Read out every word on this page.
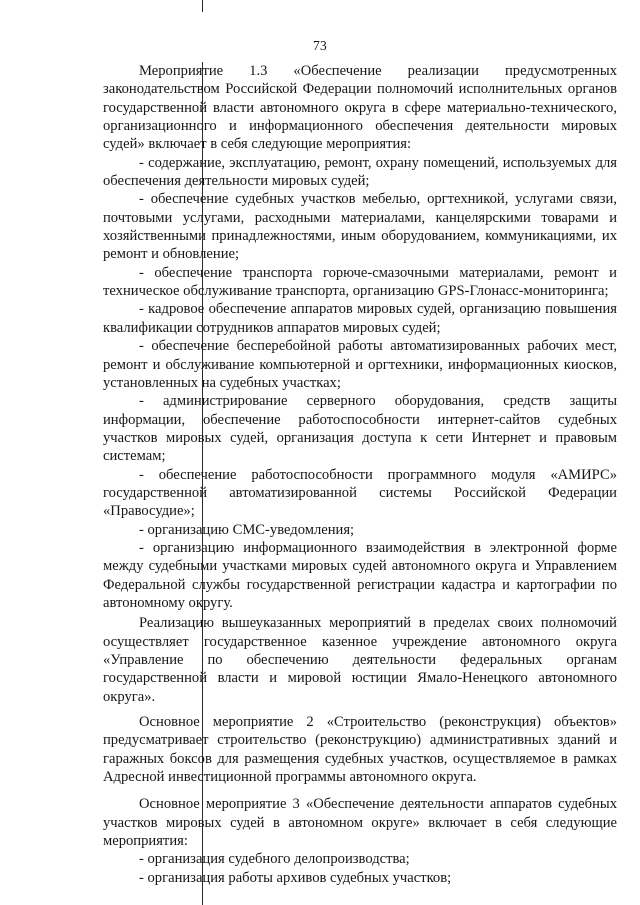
73

Мероприятие 1.3 «Обеспечение реализации предусмотренных законодательством Российской Федерации полномочий исполнительных органов государственной власти автономного округа в сфере материально-технического, организационного и информационного обеспечения деятельности мировых судей» включает в себя следующие мероприятия:

- содержание, эксплуатацию, ремонт, охрану помещений, используемых для обеспечения деятельности мировых судей;

- обеспечение судебных участков мебелью, оргтехникой, услугами связи, почтовыми услугами, расходными материалами, канцелярскими товарами и хозяйственными принадлежностями, иным оборудованием, коммуникациями, их ремонт и обновление;

- обеспечение транспорта горюче-смазочными материалами, ремонт и техническое обслуживание транспорта, организацию GPS-Глонасс-мониторинга;

- кадровое обеспечение аппаратов мировых судей, организацию повышения квалификации сотрудников аппаратов мировых судей;

- обеспечение бесперебойной работы автоматизированных рабочих мест, ремонт и обслуживание компьютерной и оргтехники, информационных киосков, установленных на судебных участках;

- администрирование серверного оборудования, средств защиты информации, обеспечение работоспособности интернет-сайтов судебных участков мировых судей, организация доступа к сети Интернет и правовым системам;

- обеспечение работоспособности программного модуля «АМИРС» государственной автоматизированной системы Российской Федерации «Правосудие»;

- организацию СМС-уведомления;

- организацию информационного взаимодействия в электронной форме между судебными участками мировых судей автономного округа и Управлением Федеральной службы государственной регистрации кадастра и картографии по автономному округу.

Реализацию вышеуказанных мероприятий в пределах своих полномочий осуществляет государственное казенное учреждение автономного округа «Управление по обеспечению деятельности федеральных органам государственной власти и мировой юстиции Ямало-Ненецкого автономного округа».

Основное мероприятие 2 «Строительство (реконструкция) объектов» предусматривает строительство (реконструкцию) административных зданий и гаражных боксов для размещения судебных участков, осуществляемое в рамках Адресной инвестиционной программы автономного округа.

Основное мероприятие 3 «Обеспечение деятельности аппаратов судебных участков мировых судей в автономном округе» включает в себя следующие мероприятия:

- организация судебного делопроизводства;

- организация работы архивов судебных участков;
